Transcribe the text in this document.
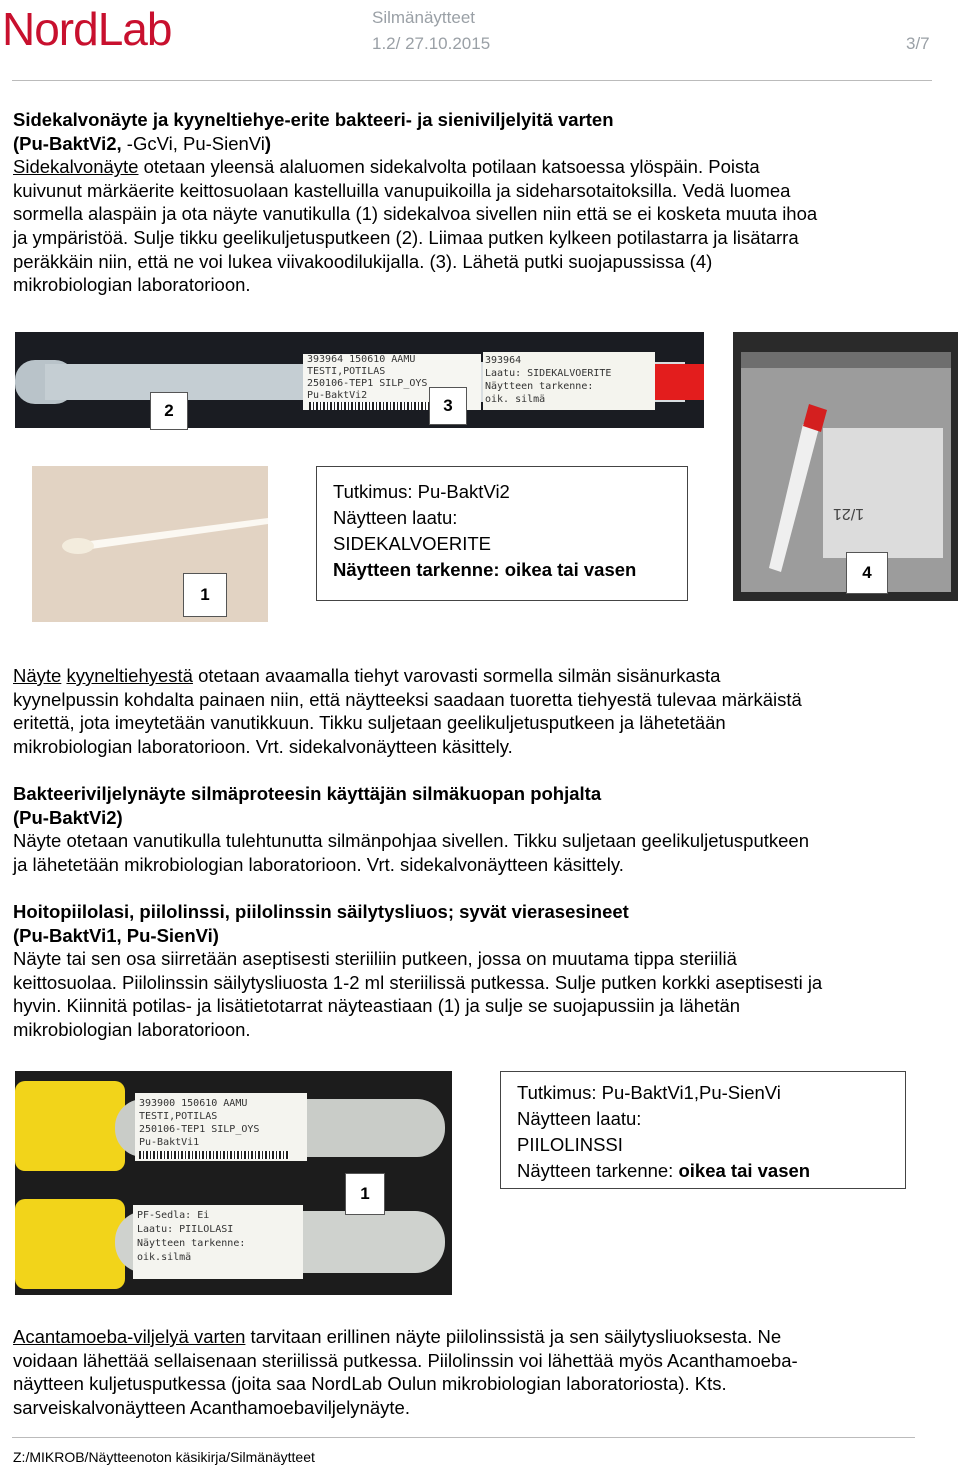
NordLab	Silmänäytteet
1.2/ 27.10.2015	3/7
Sidekalvonäyte ja kyyneltiehye-erite bakteeri- ja sieniviljelyitä varten
(Pu-BaktVi2, -GcVi, Pu-SienVi)
Sidekalvonäyte otetaan yleensä alaluomen sidekalvolta potilaan katsoessa ylöspäin. Poista
kuivunut märkäerite keittosuolaan kastelluilla vanupuikoilla ja sideharsotaitoksilla. Vedä luomea
sormella alaspäin ja ota näyte vanutikulla (1) sidekalvoa sivellen niin että se ei kosketa muuta ihoa
ja ympäristöä. Sulje tikku geelikuljetusputkeen (2). Liimaa putken kylkeen potilastarra ja lisätarra
peräkkäin niin, että ne voi lukea viivakoodilukijalla. (3). Lähetä putki suojapussissa (4)
mikrobiologian laboratorioon.
393964 150610 AAMU
TESTI,POTILAS
250106-TEP1 SILP_OYS
Pu-BaktVi2
393964
Laatu: SIDEKALVOERITE
Näytteen tarkenne:
oik. silmä
2	3
1
Tutkimus: Pu-BaktVi2
Näytteen laatu:
SIDEKALVOERITE
Näytteen tarkenne: oikea tai vasen
1/21
4
Näyte kyyneltiehyestä otetaan avaamalla tiehyt varovasti sormella silmän sisänurkasta
kyynelpussin kohdalta painaen niin, että näytteeksi saadaan tuoretta tiehyestä tulevaa märkäistä
eritettä, jota imeytetään vanutikkuun. Tikku suljetaan geelikuljetusputkeen ja lähetetään
mikrobiologian laboratorioon. Vrt. sidekalvonäytteen käsittely.
Bakteeriviljelynäyte silmäproteesin käyttäjän silmäkuopan pohjalta
(Pu-BaktVi2)
Näyte otetaan vanutikulla tulehtunutta silmänpohjaa sivellen. Tikku suljetaan geelikuljetusputkeen
ja lähetetään mikrobiologian laboratorioon. Vrt. sidekalvonäytteen käsittely.
Hoitopiilolasi, piilolinssi, piilolinssin säilytysliuos; syvät vierasesineet
(Pu-BaktVi1, Pu-SienVi)
Näyte tai sen osa siirretään aseptisesti steriiliin putkeen, jossa on muutama tippa steriiliä
keittosuolaa. Piilolinssin säilytysliuosta 1-2 ml steriilissä putkessa. Sulje putken korkki aseptisesti ja
hyvin. Kiinnitä potilas- ja lisätietotarrat näyteastiaan (1) ja sulje se suojapussiin ja lähetän
mikrobiologian laboratorioon.
393900 150610 AAMU
TESTI,POTILAS
250106-TEP1 SILP_OYS
Pu-BaktVi1
PF-Sedla: Ei
Laatu: PIILOLASI
Näytteen tarkenne:
oik.silmä
1
Tutkimus: Pu-BaktVi1,Pu-SienVi
Näytteen laatu:
PIILOLINSSI
Näytteen tarkenne: oikea tai vasen
Acantamoeba-viljelyä varten tarvitaan erillinen näyte piilolinssistä ja sen säilytysliuoksesta. Ne
voidaan lähettää sellaisenaan steriilissä putkessa. Piilolinssin voi lähettää myös Acanthamoeba-
näytteen kuljetusputkessa (joita saa NordLab Oulun mikrobiologian laboratoriosta). Kts.
sarveiskalvonäytteen Acanthamoebaviljelynäyte.
Z:/MIKROB/Näytteenoton käsikirja/Silmänäytteet
